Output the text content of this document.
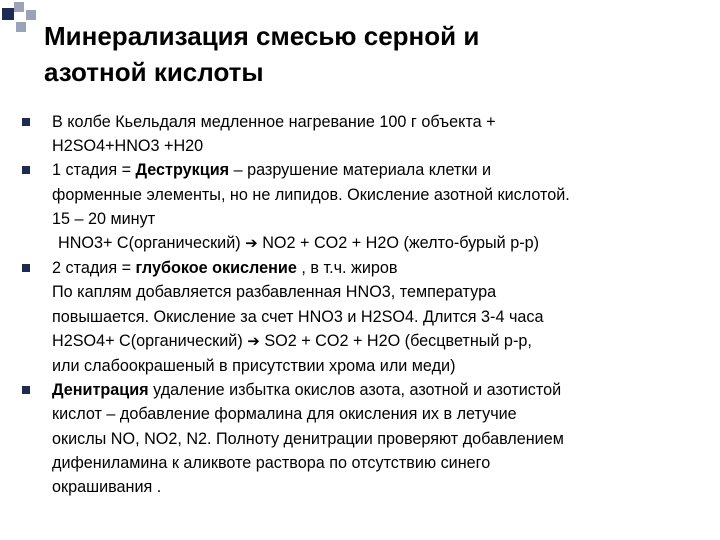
Минерализация смесью серной и
азотной кислоты
В колбе Кьельдаля медленное нагревание 100 г объекта +
H2SO4+HNO3 +H20
1 стадия = Деструкция – разрушение материала клетки и
форменные элементы, но не липидов. Окисление азотной кислотой.
15 – 20 минут
HNO3+ C(органический) ➔ NO2 + CO2 + H2O (желто-бурый р-р)
2 стадия = глубокое окисление , в т.ч. жиров
По каплям добавляется разбавленная HNO3, температура
повышается. Окисление за счет HNO3 и H2SO4. Длится 3-4 часа
H2SO4+ C(органический) ➔ SO2 + CO2 + H2O (бесцветный р-р,
или слабоокрашеный в присутствии хрома или меди)
Денитрация удаление избытка окислов азота, азотной и азотистой
кислот – добавление формалина для окисления их в летучие
окислы NO, NO2, N2. Полноту денитрации проверяют добавлением
дифениламина к аликвоте раствора по отсутствию синего
окрашивания .
